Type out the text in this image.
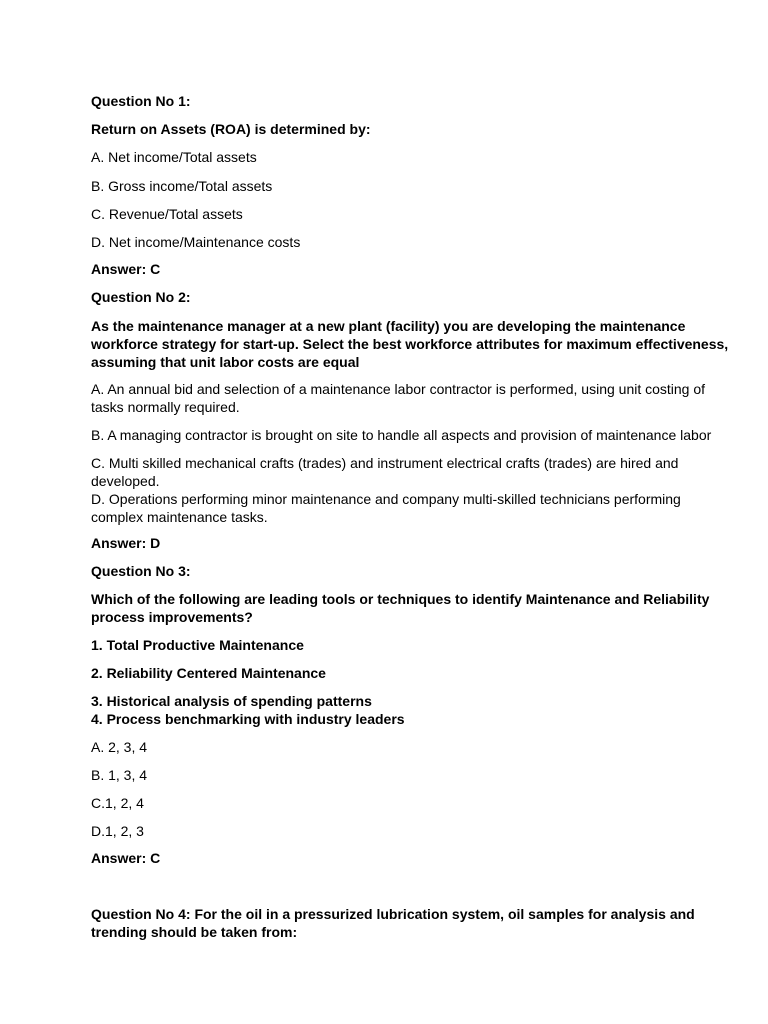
Question No 1:

Return on Assets (ROA) is determined by:

A. Net income/Total assets

B. Gross income/Total assets

C. Revenue/Total assets

D. Net income/Maintenance costs

Answer: C

Question No 2:

As the maintenance manager at a new plant (facility) you are developing the maintenance

workforce strategy for start-up. Select the best workforce attributes for maximum effectiveness,

assuming that unit labor costs are equal

A. An annual bid and selection of a maintenance labor contractor is performed, using unit costing of

tasks normally required.

B. A managing contractor is brought on site to handle all aspects and provision of maintenance labor

C. Multi skilled mechanical crafts (trades) and instrument electrical crafts (trades) are hired and

developed.

D. Operations performing minor maintenance and company multi-skilled technicians performing

complex maintenance tasks.

Answer: D

Question No 3:

Which of the following are leading tools or techniques to identify Maintenance and Reliability

process improvements?

1. Total Productive Maintenance

2. Reliability Centered Maintenance

3. Historical analysis of spending patterns

4. Process benchmarking with industry leaders

A. 2, 3, 4

B. 1, 3, 4

C.1, 2, 4

D.1, 2, 3

Answer: C

Question No 4: For the oil in a pressurized lubrication system, oil samples for analysis and

trending should be taken from:
